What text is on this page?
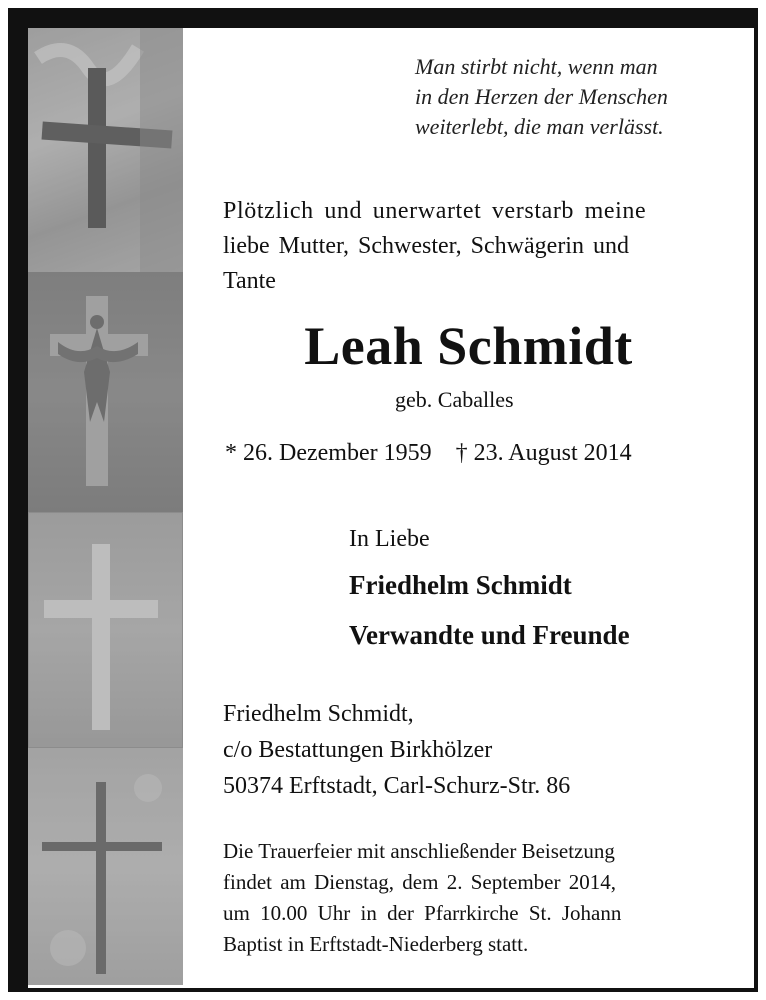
Man stirbt nicht, wenn man
in den Herzen der Menschen
weiterlebt, die man verlässt.
Plötzlich und unerwartet verstarb meine
liebe Mutter, Schwester, Schwägerin und
Tante
Leah Schmidt
geb. Caballes
* 26. Dezember 1959 † 23. August 2014
In Liebe
Friedhelm Schmidt
Verwandte und Freunde
Friedhelm Schmidt,
c/o Bestattungen Birkhölzer
50374 Erftstadt, Carl-Schurz-Str. 86
Die Trauerfeier mit anschließender Beisetzung
findet am Dienstag, dem 2. September 2014,
um 10.00 Uhr in der Pfarrkirche St. Johann
Baptist in Erftstadt-Niederberg statt.
